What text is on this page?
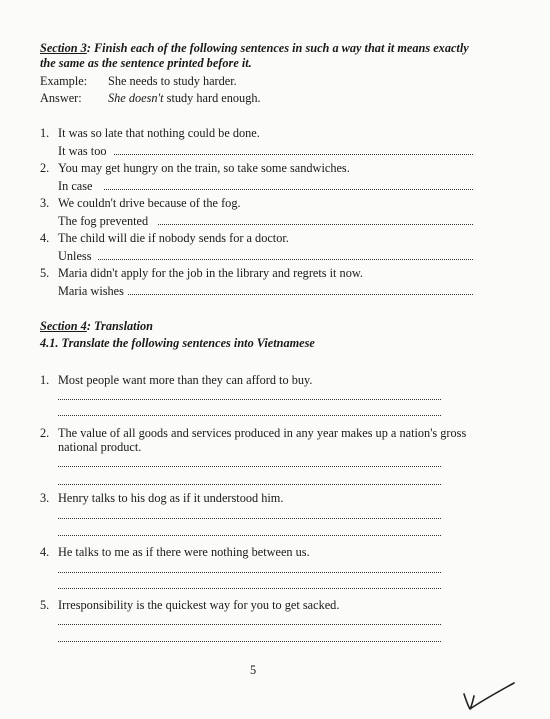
Section 3: Finish each of the following sentences in such a way that it means exactly
the same as the sentence printed before it.
Example: She needs to study harder.
Answer: She doesn't study hard enough.
1. It was so late that nothing could be done.
It was too
2. You may get hungry on the train, so take some sandwiches.
In case
3. We couldn't drive because of the fog.
The fog prevented
4. The child will die if nobody sends for a doctor.
Unless
5. Maria didn't apply for the job in the library and regrets it now.
Maria wishes
Section 4: Translation
4.1. Translate the following sentences into Vietnamese
1. Most people want more than they can afford to buy.
2. The value of all goods and services produced in any year makes up a nation's gross
national product.
3. Henry talks to his dog as if it understood him.
4. He talks to me as if there were nothing between us.
5. Irresponsibility is the quickest way for you to get sacked.
5
